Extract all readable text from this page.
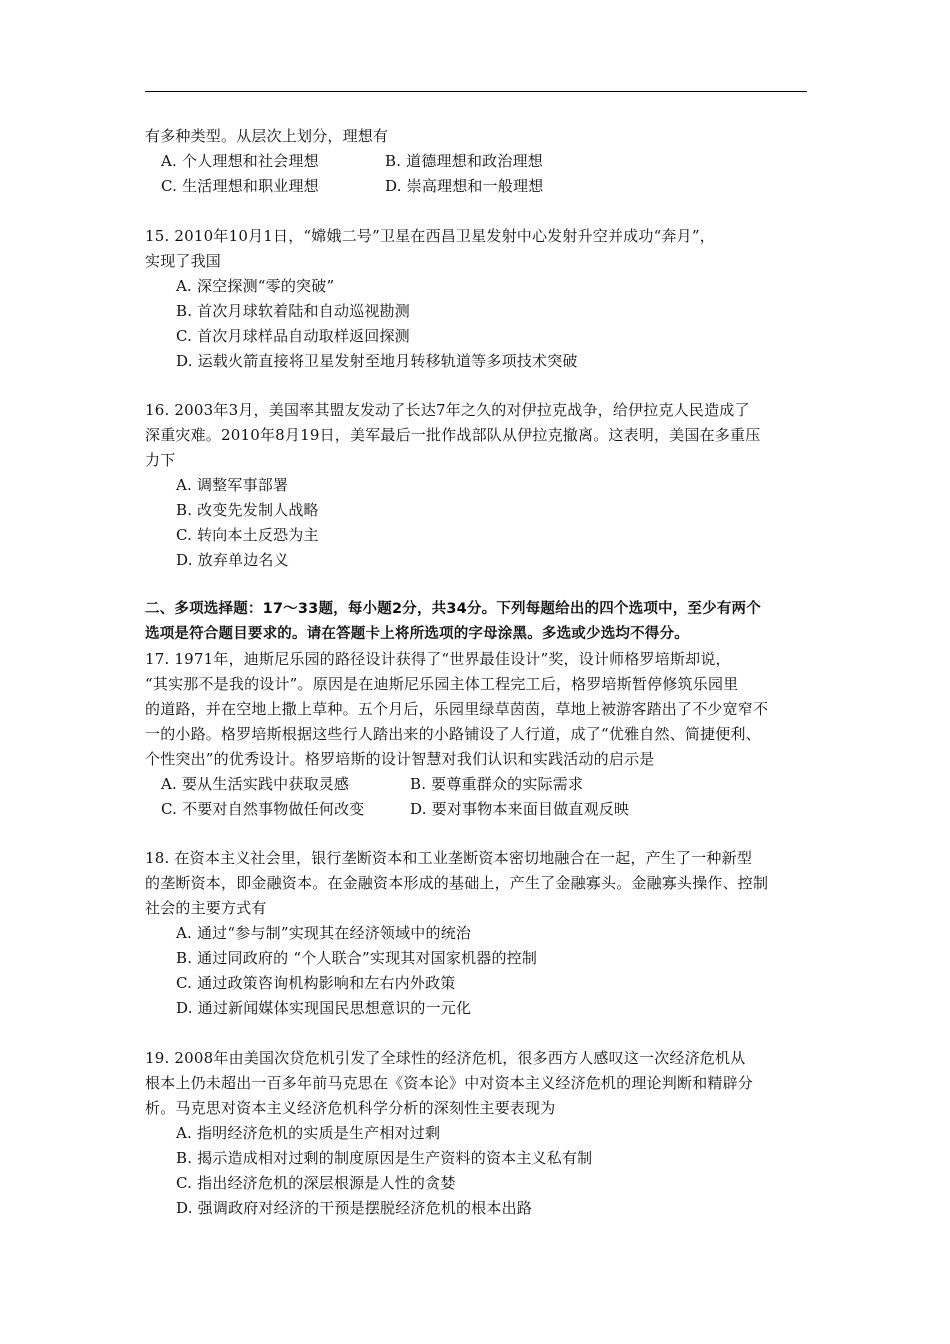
有多种类型。从层次上划分，理想有
A. 个人理想和社会理想	B. 道德理想和政治理想
C. 生活理想和职业理想	D. 崇高理想和一般理想
15. 2010年10月1日，“嫦娥二号”卫星在西昌卫星发射中心发射升空并成功“奔月”，
实现了我国
A. 深空探测“零的突破”
B. 首次月球软着陆和自动巡视勘测
C. 首次月球样品自动取样返回探测
D. 运载火箭直接将卫星发射至地月转移轨道等多项技术突破
16. 2003年3月，美国率其盟友发动了长达7年之久的对伊拉克战争，给伊拉克人民造成了
深重灾难。2010年8月19日，美军最后一批作战部队从伊拉克撤离。这表明，美国在多重压
力下
A. 调整军事部署
B. 改变先发制人战略
C. 转向本土反恐为主
D. 放弃单边名义
二、多项选择题：17～33题，每小题2分，共34分。下列每题给出的四个选项中，至少有两个
选项是符合题目要求的。请在答题卡上将所选项的字母涂黑。多选或少选均不得分。
17. 1971年，迪斯尼乐园的路径设计获得了“世界最佳设计”奖，设计师格罗培斯却说，
“其实那不是我的设计”。原因是在迪斯尼乐园主体工程完工后，格罗培斯暂停修筑乐园里
的道路，并在空地上撒上草种。五个月后，乐园里绿草茵茵，草地上被游客踏出了不少宽窄不
一的小路。格罗培斯根据这些行人踏出来的小路铺设了人行道，成了“优雅自然、简捷便利、
个性突出”的优秀设计。格罗培斯的设计智慧对我们认识和实践活动的启示是
A. 要从生活实践中获取灵感	B. 要尊重群众的实际需求
C. 不要对自然事物做任何改变	D. 要对事物本来面目做直观反映
18. 在资本主义社会里，银行垄断资本和工业垄断资本密切地融合在一起，产生了一种新型
的垄断资本，即金融资本。在金融资本形成的基础上，产生了金融寡头。金融寡头操作、控制
社会的主要方式有
A. 通过“参与制”实现其在经济领域中的统治
B. 通过同政府的 “个人联合”实现其对国家机器的控制
C. 通过政策咨询机构影响和左右内外政策
D. 通过新闻媒体实现国民思想意识的一元化
19. 2008年由美国次贷危机引发了全球性的经济危机，很多西方人感叹这一次经济危机从
根本上仍未超出一百多年前马克思在《资本论》中对资本主义经济危机的理论判断和精辟分
析。马克思对资本主义经济危机科学分析的深刻性主要表现为
A. 指明经济危机的实质是生产相对过剩
B. 揭示造成相对过剩的制度原因是生产资料的资本主义私有制
C. 指出经济危机的深层根源是人性的贪婪
D. 强调政府对经济的干预是摆脱经济危机的根本出路
